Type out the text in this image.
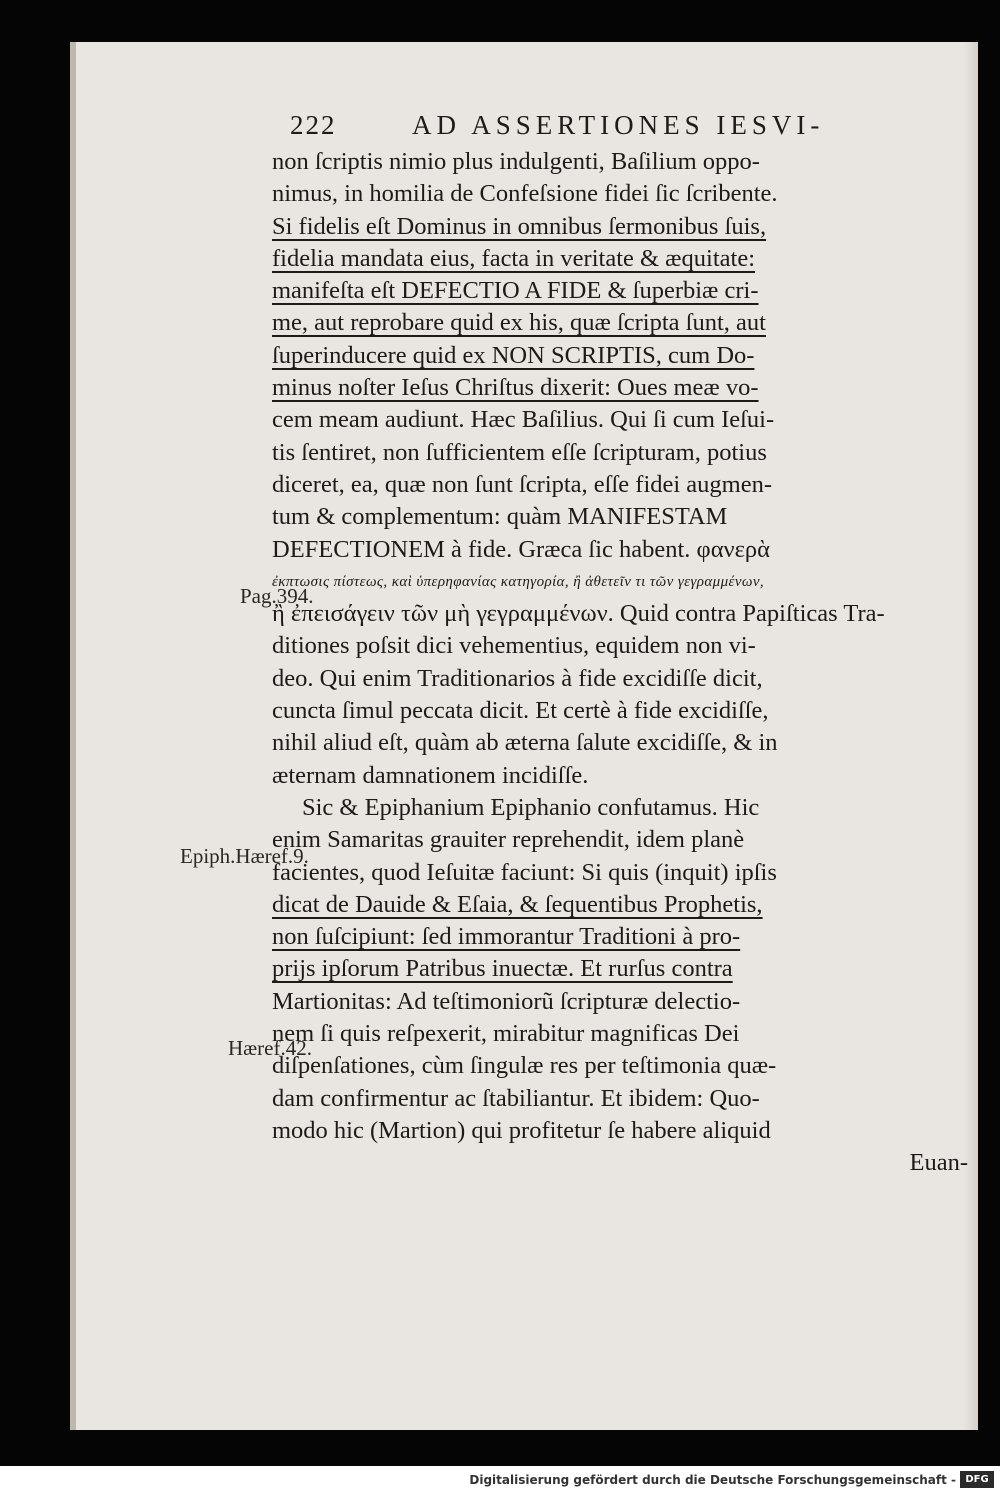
222	AD ASSERTIONES IESVI-
Pag.394.
Epiph.Hæref.9.
Hæref.42.
non ſcriptis nimio plus indulgenti, Baſilium oppo-
nimus, in homilia de Confeſsione fidei ſic ſcribente.
Si fidelis eſt Dominus in omnibus ſermonibus ſuis,
fidelia mandata eius, facta in veritate & æquitate:
manifeſta eſt DEFECTIO A FIDE & ſuperbiæ cri-
me, aut reprobare quid ex his, quæ ſcripta ſunt, aut
ſuperinducere quid ex NON SCRIPTIS, cum Do-
minus noſter Ieſus Chriſtus dixerit: Oues meæ vo-
cem meam audiunt. Hæc Baſilius. Qui ſi cum Ieſui-
tis ſentiret, non ſufficientem eſſe ſcripturam, potius
diceret, ea, quæ non ſunt ſcripta, eſſe fidei augmen-
tum & complementum: quàm MANIFESTAM
DEFECTIONEM à fide. Græca ſic habent. φανερὰ
ἐκπτωσις πίστεως, καὶ ὑπερηφανίας κατηγορία, ἢ ἀθετεῖν τι τῶν γεγραμμένων,
ἢ ἐπεισάγειν τῶν μὴ γεγραμμένων. Quid contra Papiſticas Tra-
ditiones poſsit dici vehementius, equidem non vi-
deo. Qui enim Traditionarios à fide excidiſſe dicit,
cuncta ſimul peccata dicit. Et certè à fide excidiſſe,
nihil aliud eſt, quàm ab æterna ſalute excidiſſe, & in
æternam damnationem incidiſſe.
Sic & Epiphanium Epiphanio confutamus. Hic
enim Samaritas grauiter reprehendit, idem planè
facientes, quod Ieſuitæ faciunt: Si quis (inquit) ipſis
dicat de Dauide & Eſaia, & ſequentibus Prophetis,
non ſuſcipiunt: ſed immorantur Traditioni à pro-
prijs ipſorum Patribus inuectæ. Et rurſus contra
Martionitas: Ad teſtimoniorũ ſcripturæ delectio-
nem ſi quis reſpexerit, mirabitur magnificas Dei
diſpenſationes, cùm ſingulæ res per teſtimonia quæ-
dam confirmentur ac ſtabiliantur. Et ibidem: Quo-
modo hic (Martion) qui profitetur ſe habere aliquid
Euan-
Digitalisierung gefördert durch die Deutsche Forschungsgemeinschaft - DFG
